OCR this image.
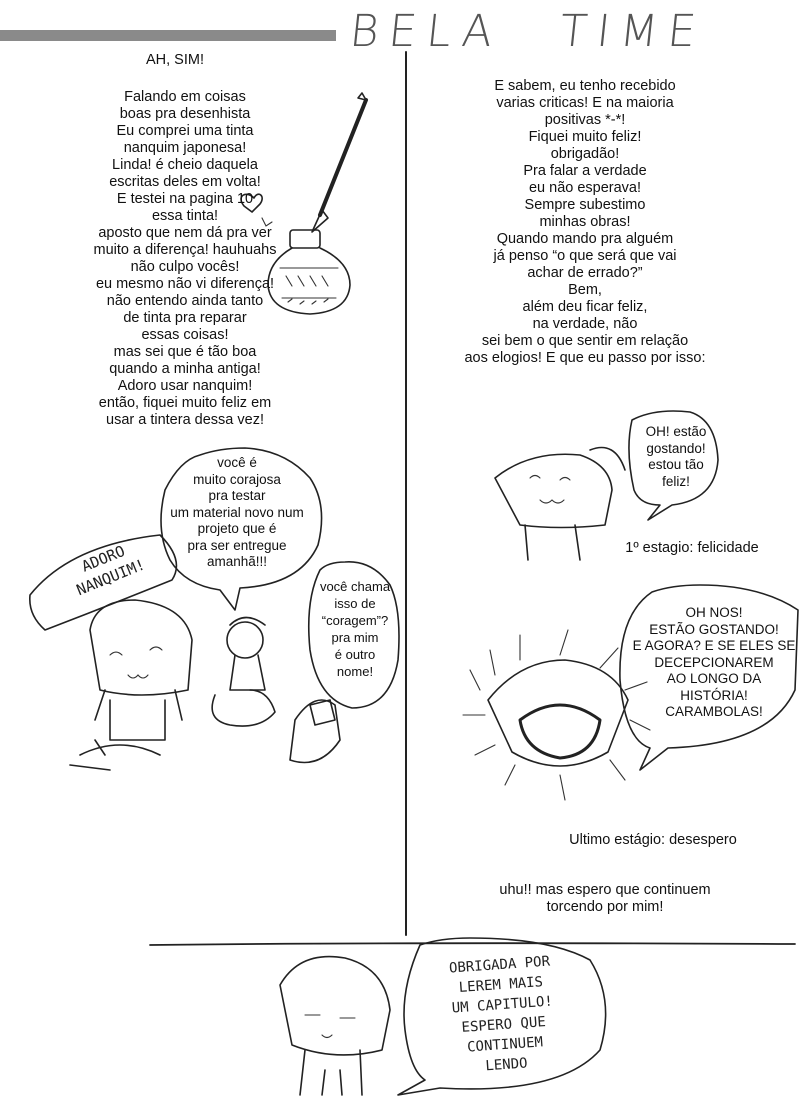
BELA TIME
AH, SIM!
Falando em coisas
boas pra desenhista
Eu comprei uma tinta
nanquim japonesa!
Linda! é cheio daquela
escritas deles em volta!
E testei na pagina 10
essa tinta!
aposto que nem dá pra ver
muito a diferença! hauhuahs
não culpo vocês!
eu mesmo não vi diferença!
não entendo ainda tanto
de tinta pra reparar
essas coisas!
mas sei que é tão boa
quando a minha antiga!
Adoro usar nanquim!
então, fiquei muito feliz em
usar a tintera dessa vez!
ADORO
NANQUIM!
você é
muito corajosa
pra testar
um material novo num
projeto que é
pra ser entregue
amanhã!!!
você chama
isso de
“coragem”?
pra mim
é outro
nome!
E sabem, eu tenho recebido
varias criticas! E na maioria
positivas *-*!
Fiquei muito feliz!
obrigadão!
Pra falar a verdade
eu não esperava!
Sempre subestimo
minhas obras!
Quando mando pra alguém
já penso “o que será que vai
achar de errado?”
Bem,
além deu ficar feliz,
na verdade, não
sei bem o que sentir em relação
aos elogios! E que eu passo por isso:
OH! estão
gostando!
estou tão
feliz!
1º estagio: felicidade
OH NOS!
ESTÃO GOSTANDO!
E AGORA? E SE ELES SE
DECEPCIONAREM
AO LONGO DA
HISTÓRIA!
CARAMBOLAS!
Ultimo estágio: desespero
uhu!! mas espero que continuem
torcendo por mim!
OBRIGADA POR
LEREM MAIS
UM CAPITULO!
ESPERO QUE
CONTINUEM
LENDO
